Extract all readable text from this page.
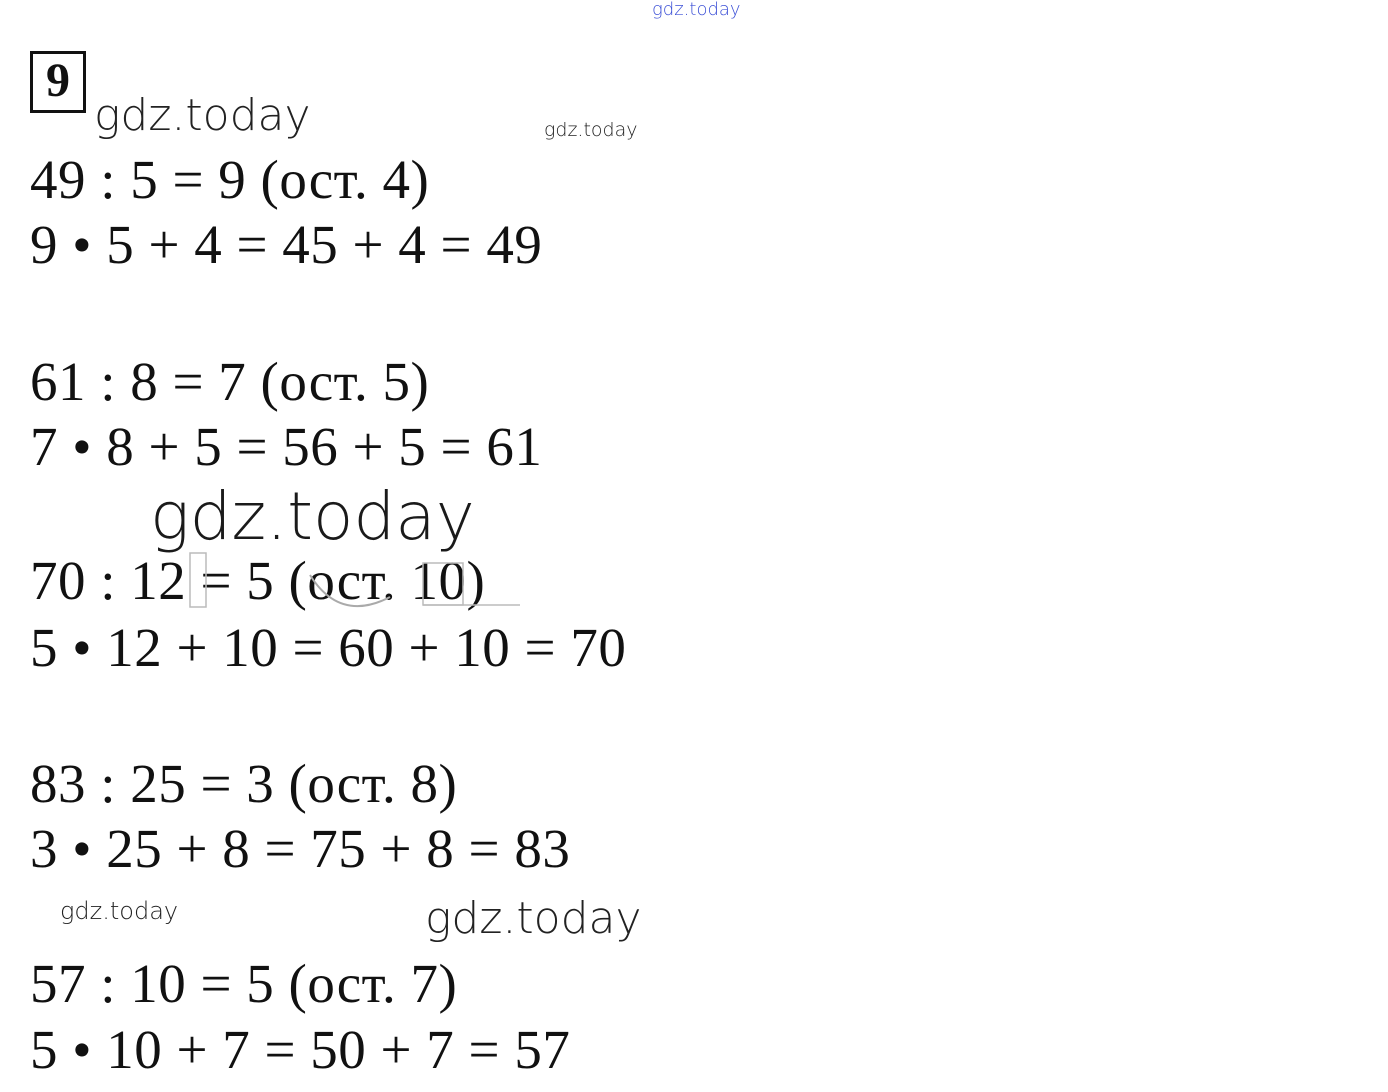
gdz.today
9
gdz.today	gdz.today
49 : 5 = 9 (ост. 4)
9 • 5 + 4 = 45 + 4 = 49
61 : 8 = 7 (ост. 5)
7 • 8 + 5 = 56 + 5 = 61
gdz.today
70 : 12 = 5 (ост. 10)
5 • 12 + 10 = 60 + 10 = 70
83 : 25 = 3 (ост. 8)
3 • 25 + 8 = 75 + 8 = 83
gdz.today	gdz.today
57 : 10 = 5 (ост. 7)
5 • 10 + 7 = 50 + 7 = 57
